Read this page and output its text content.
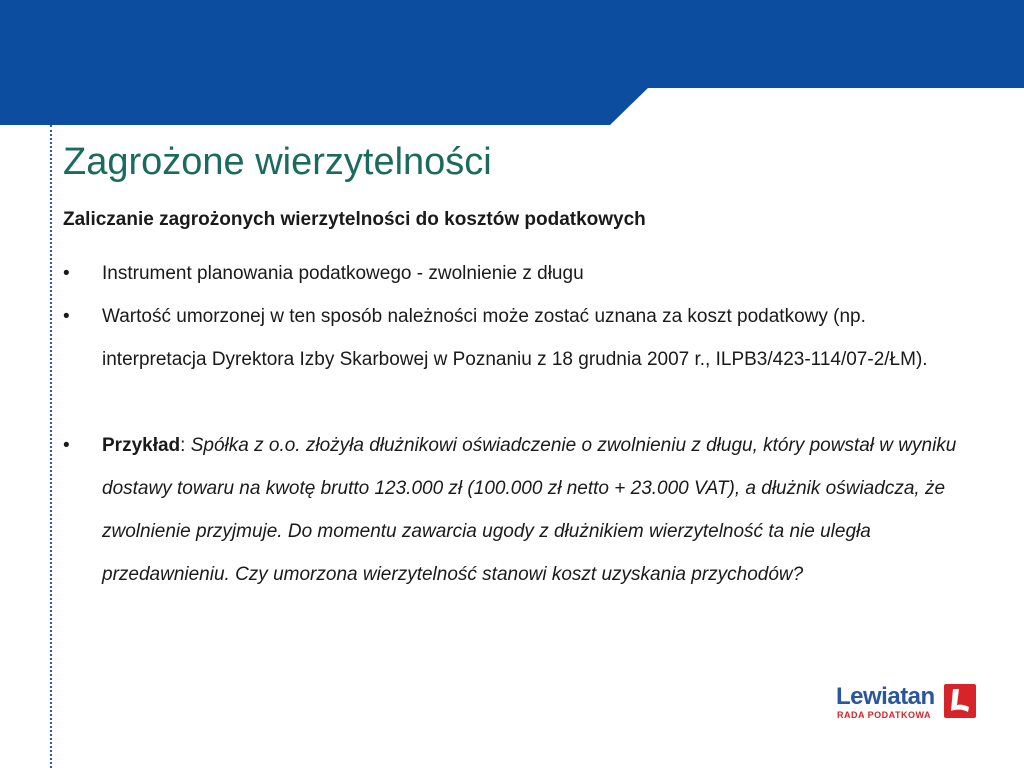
Zagrożone wierzytelności

Zaliczanie zagrożonych wierzytelności do kosztów podatkowych

• Instrument planowania podatkowego - zwolnienie z długu
• Wartość umorzonej w ten sposób należności może zostać uznana za koszt podatkowy (np. interpretacja Dyrektora Izby Skarbowej w Poznaniu z 18 grudnia 2007 r., ILPB3/423-114/07-2/ŁM).
• Przykład: Spółka z o.o. złożyła dłużnikowi oświadczenie o zwolnieniu z długu, który powstał w wyniku dostawy towaru na kwotę brutto 123.000 zł (100.000 zł netto + 23.000 VAT), a dłużnik oświadcza, że zwolnienie przyjmuje. Do momentu zawarcia ugody z dłużnikiem wierzytelność ta nie uległa przedawnieniu. Czy umorzona wierzytelność stanowi koszt uzyskania przychodów?
Lewiatan
RADA PODATKOWA
